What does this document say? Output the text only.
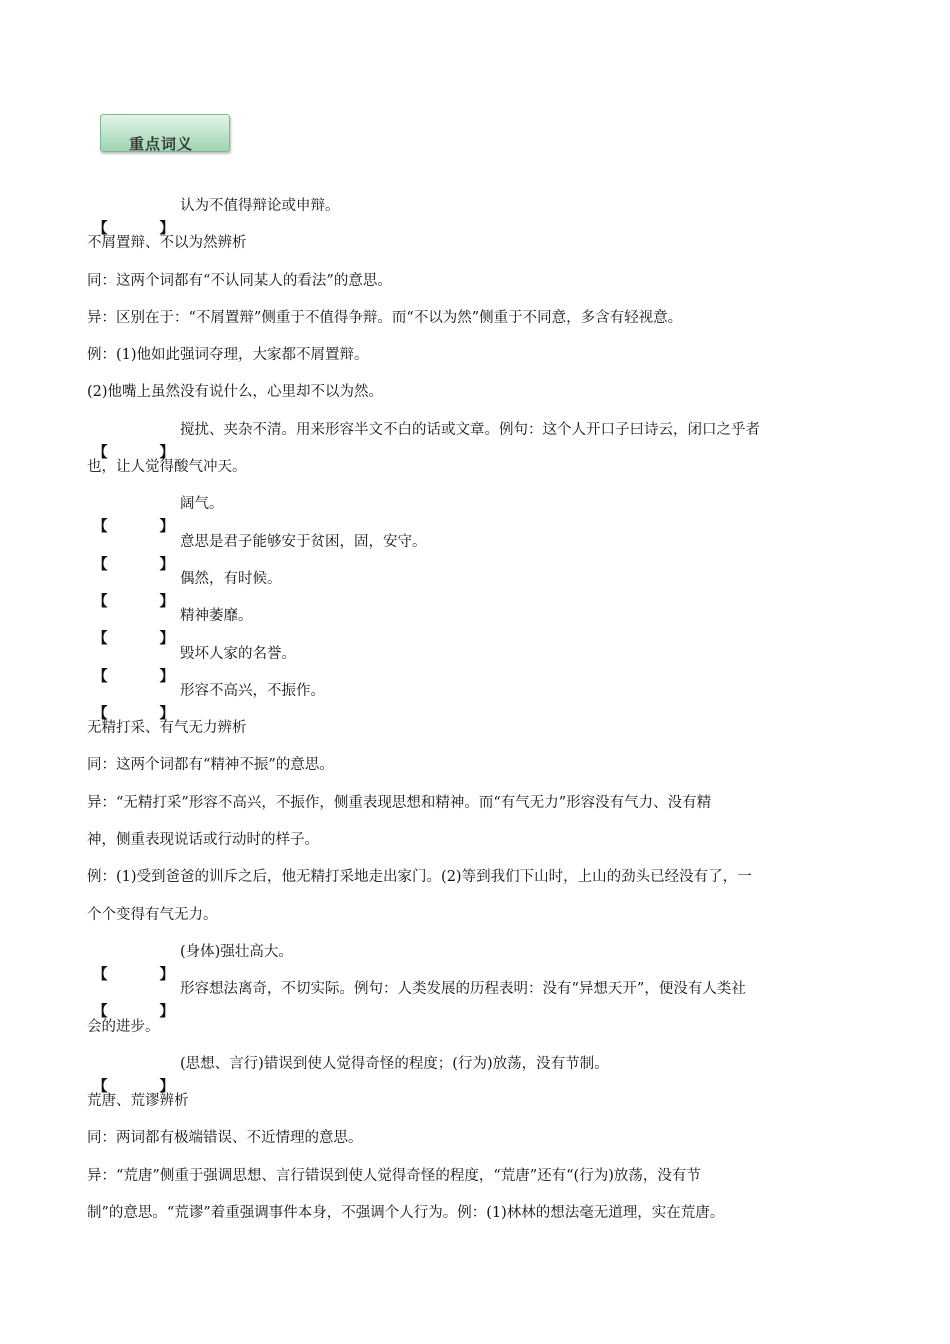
重点词义

【	】
认为不值得辩论或申辩。

不屑置辩、不以为然辨析

同：这两个词都有“不认同某人的看法”的意思。

异：区别在于：“不屑置辩”侧重于不值得争辩。而“不以为然”侧重于不同意，多含有轻视意。

例：(1)他如此强词夺理，大家都不屑置辩。

(2)他嘴上虽然没有说什么，心里却不以为然。

【	】
搅扰、夹杂不清。用来形容半文不白的话或文章。例句：这个人开口子曰诗云，闭口之乎者

也，让人觉得酸气冲天。

【	】
阔气。

【	】
意思是君子能够安于贫困，固，安守。

【	】
偶然，有时候。

【	】
精神萎靡。

【	】
毁坏人家的名誉。

【	】
形容不高兴，不振作。

无精打采、有气无力辨析

同：这两个词都有“精神不振”的意思。

异：“无精打采”形容不高兴，不振作，侧重表现思想和精神。而“有气无力”形容没有气力、没有精

神，侧重表现说话或行动时的样子。

例：(1)受到爸爸的训斥之后，他无精打采地走出家门。(2)等到我们下山时，上山的劲头已经没有了，一

个个变得有气无力。

【	】
(身体)强壮高大。

【	】
形容想法离奇，不切实际。例句：人类发展的历程表明：没有“异想天开”，便没有人类社

会的进步。

【	】
(思想、言行)错误到使人觉得奇怪的程度；(行为)放荡，没有节制。

荒唐、荒谬辨析

同：两词都有极端错误、不近情理的意思。

异：“荒唐”侧重于强调思想、言行错误到使人觉得奇怪的程度，“荒唐”还有“(行为)放荡，没有节

制”的意思。“荒谬”着重强调事件本身，不强调个人行为。例：(1)林林的想法毫无道理，实在荒唐。
